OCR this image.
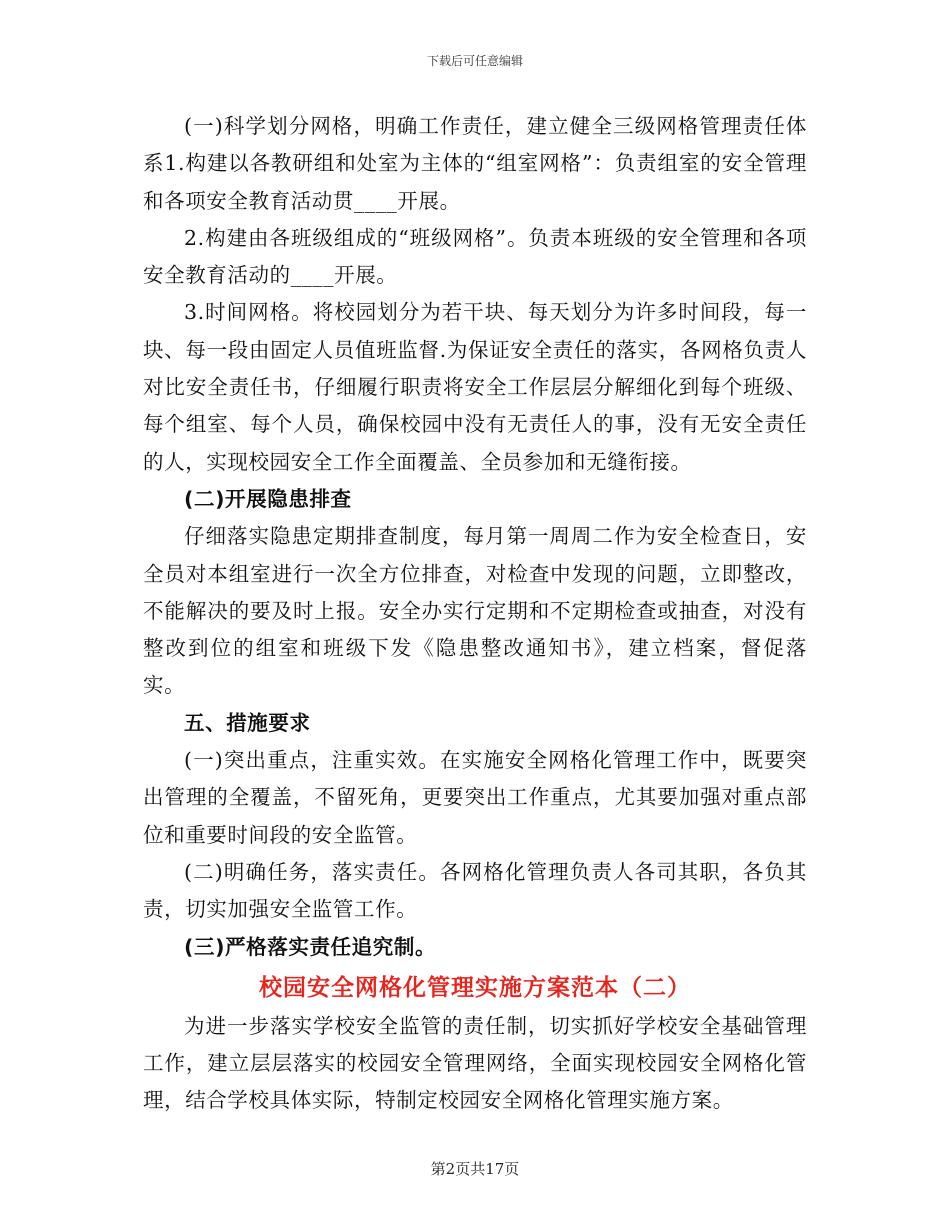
下载后可任意编辑

(一)科学划分网格，明确工作责任，建立健全三级网格管理责任体系1.构建以各教研组和处室为主体的“组室网格”：负责组室的安全管理和各项安全教育活动贯____开展。

2.构建由各班级组成的“班级网格”。负责本班级的安全管理和各项安全教育活动的____开展。

3.时间网格。将校园划分为若干块、每天划分为许多时间段，每一块、每一段由固定人员值班监督.为保证安全责任的落实，各网格负责人对比安全责任书，仔细履行职责将安全工作层层分解细化到每个班级、每个组室、每个人员，确保校园中没有无责任人的事，没有无安全责任的人，实现校园安全工作全面覆盖、全员参加和无缝衔接。

(二)开展隐患排查

仔细落实隐患定期排查制度，每月第一周周二作为安全检查日，安全员对本组室进行一次全方位排查，对检查中发现的问题，立即整改，不能解决的要及时上报。安全办实行定期和不定期检查或抽查，对没有整改到位的组室和班级下发《隐患整改通知书》，建立档案，督促落实。

五、措施要求

(一)突出重点，注重实效。在实施安全网格化管理工作中，既要突出管理的全覆盖，不留死角，更要突出工作重点，尤其要加强对重点部位和重要时间段的安全监管。

(二)明确任务，落实责任。各网格化管理负责人各司其职，各负其责，切实加强安全监管工作。

(三)严格落实责任追究制。

校园安全网格化管理实施方案范本（二）

为进一步落实学校安全监管的责任制，切实抓好学校安全基础管理工作，建立层层落实的校园安全管理网络，全面实现校园安全网格化管理，结合学校具体实际，特制定校园安全网格化管理实施方案。

第2页共17页
